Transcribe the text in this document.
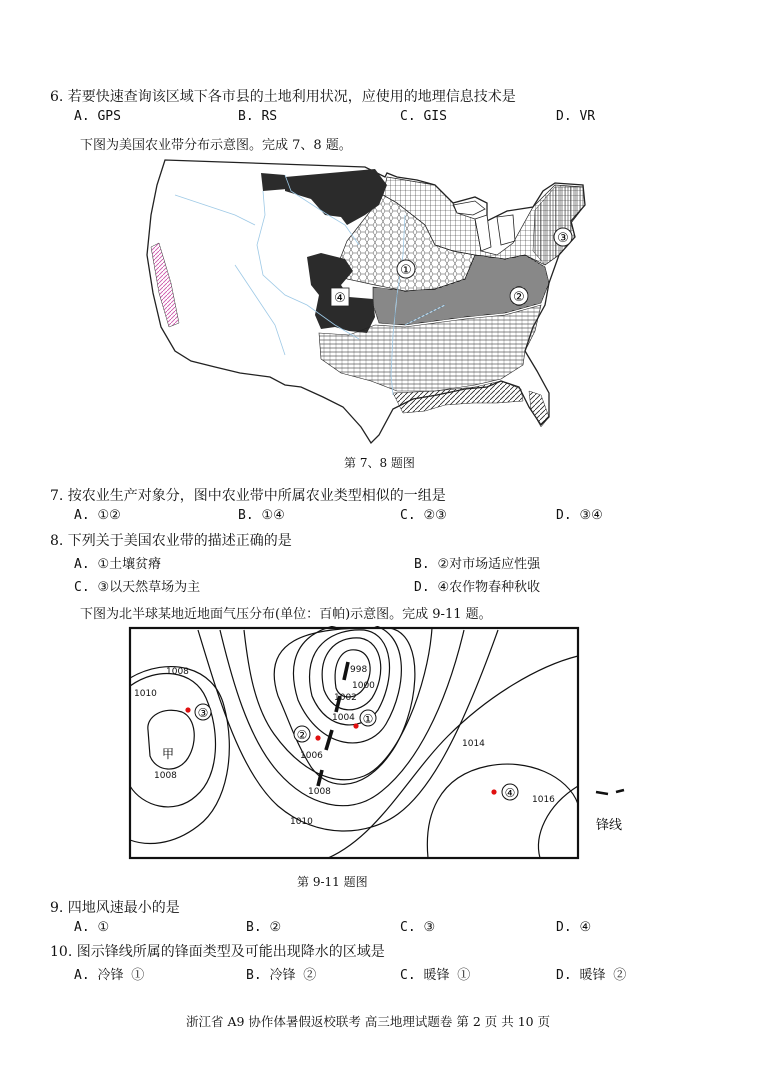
6. 若要快速查询该区域下各市县的土地利用状况，应使用的地理信息技术是
A. GPS	B. RS	C. GIS	D. VR
下图为美国农业带分布示意图。完成 7、8 题。
①
②
③
④
第 7、8 题图
7. 按农业生产对象分，图中农业带中所属农业类型相似的一组是
A. ①②	B. ①④	C. ②③	D. ③④
8. 下列关于美国农业带的描述正确的是
A. ①土壤贫瘠	B. ②对市场适应性强
C. ③以天然草场为主	D. ④农作物春种秋收
下图为北半球某地近地面气压分布(单位：百帕)示意图。完成 9-11 题。
998
1000
1002
1004
1006
1008
1010
1008
1010
1008
1014
1016
①
②
③
④
甲
锋线
第 9-11 题图
9. 四地风速最小的是
A. ①	B. ②	C. ③	D. ④
10. 图示锋线所属的锋面类型及可能出现降水的区域是
A. 冷锋 ①	B. 冷锋 ②	C. 暖锋 ①	D. 暖锋 ②
浙江省 A9 协作体暑假返校联考 高三地理试题卷 第 2 页 共 10 页
